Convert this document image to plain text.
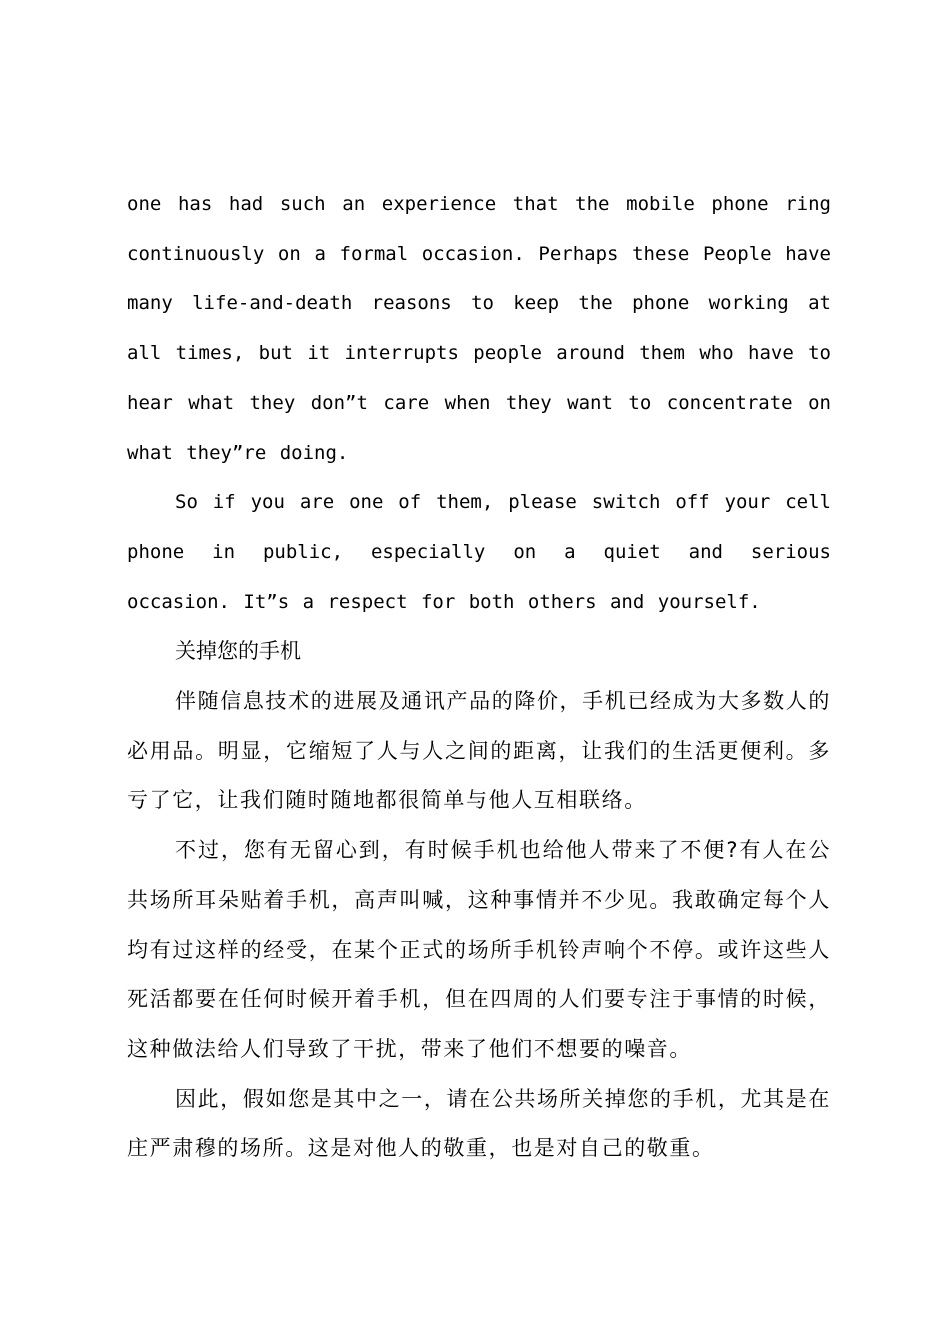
one has had such an experience that the mobile phone ring continuously on a formal occasion. Perhaps these People have many life-and-death reasons to keep the phone working at all times, but it interrupts people around them who have to hear what they don”t care when they want to concentrate on what they”re doing.

So if you are one of them, please switch off your cell phone in public, especially on a quiet and serious occasion. It”s a respect for both others and yourself.

关掉您的手机

伴随信息技术的进展及通讯产品的降价，手机已经成为大多数人的必用品。明显，它缩短了人与人之间的距离，让我们的生活更便利。多亏了它，让我们随时随地都很简单与他人互相联络。

不过，您有无留心到，有时候手机也给他人带来了不便?有人在公共场所耳朵贴着手机，高声叫喊，这种事情并不少见。我敢确定每个人均有过这样的经受，在某个正式的场所手机铃声响个不停。或许这些人死活都要在任何时候开着手机，但在四周的人们要专注于事情的时候，这种做法给人们导致了干扰，带来了他们不想要的噪音。

因此，假如您是其中之一，请在公共场所关掉您的手机，尤其是在庄严肃穆的场所。这是对他人的敬重，也是对自己的敬重。
